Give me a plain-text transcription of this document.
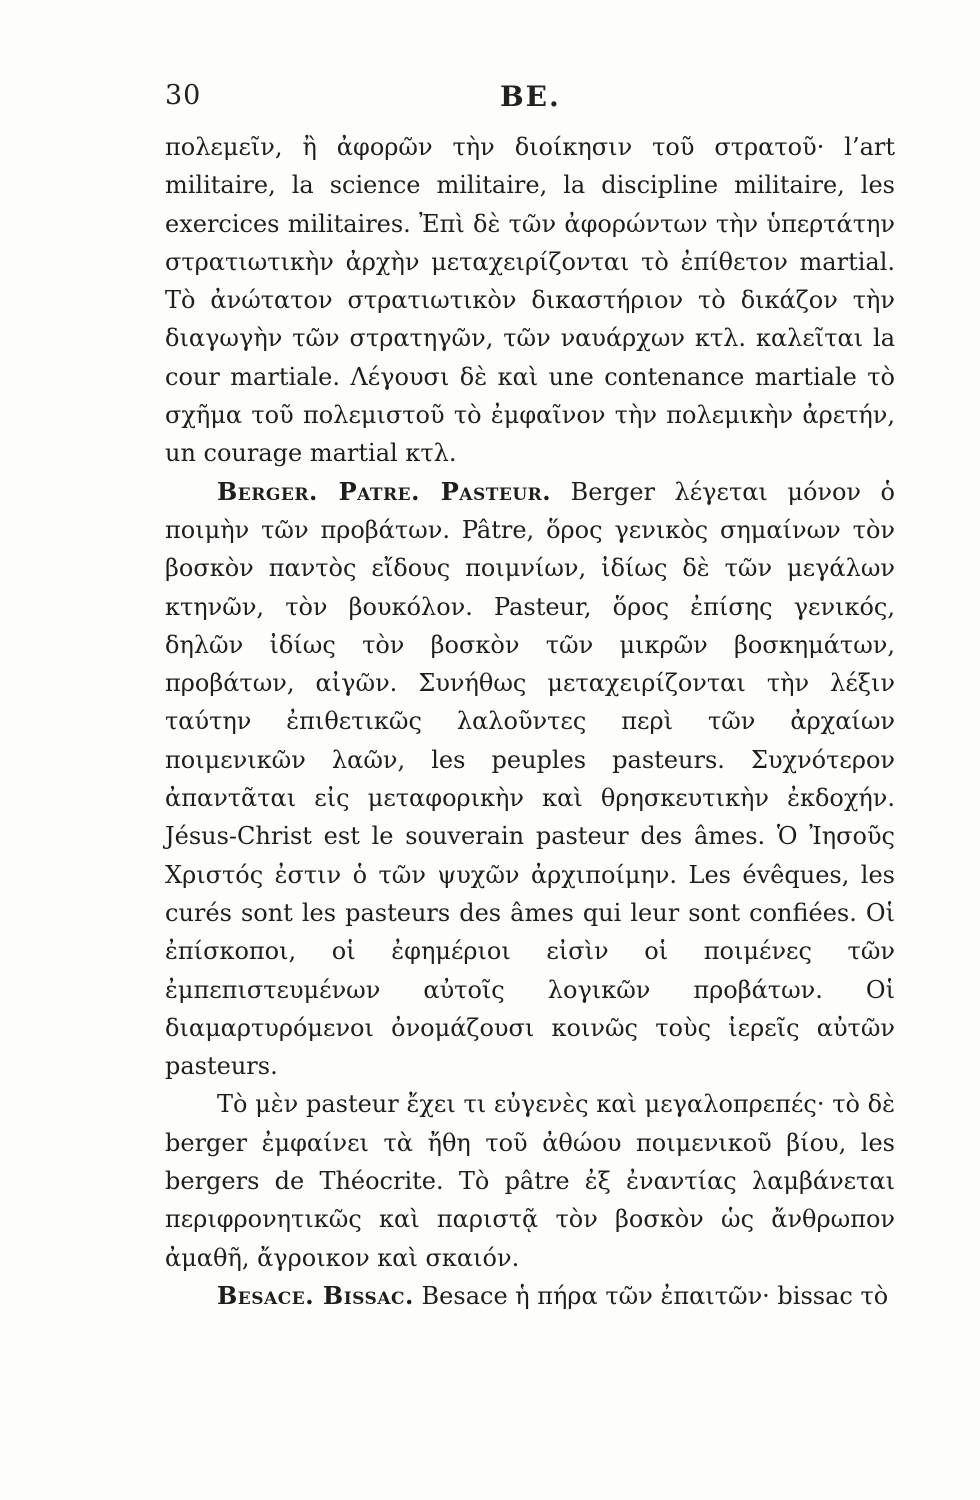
30	BE.

πολεμεῖν, ἢ ἀφορῶν τὴν διοίκησιν τοῦ στρατοῦ· l’art militaire, la science militaire, la discipline militaire, les exercices militaires. Ἐπὶ δὲ τῶν ἀφορώντων τὴν ὑπερτάτην στρατιωτικὴν ἀρχὴν μεταχειρίζονται τὸ ἐπίθετον martial. Τὸ ἀνώτατον στρατιωτικὸν δικαστήριον τὸ δικάζον τὴν διαγωγὴν τῶν στρατηγῶν, τῶν ναυάρχων κτλ. καλεῖται la cour martiale. Λέγουσι δὲ καὶ une contenance martiale τὸ σχῆμα τοῦ πολεμιστοῦ τὸ ἐμφαῖνον τὴν πολεμικὴν ἀρετήν, un courage martial κτλ.

Berger. Patre. Pasteur. Berger λέγεται μόνον ὁ ποιμὴν τῶν προβάτων. Pâtre, ὅρος γενικὸς σημαίνων τὸν βοσκὸν παντὸς εἴδους ποιμνίων, ἰδίως δὲ τῶν μεγάλων κτηνῶν, τὸν βουκόλον. Pasteur, ὅρος ἐπίσης γενικός, δηλῶν ἰδίως τὸν βοσκὸν τῶν μικρῶν βοσκημάτων, προβάτων, αἰγῶν. Συνήθως μεταχειρίζονται τὴν λέξιν ταύτην ἐπιθετικῶς λαλοῦντες περὶ τῶν ἀρχαίων ποιμενικῶν λαῶν, les peuples pasteurs. Συχνότερον ἀπαντᾶται εἰς μεταφορικὴν καὶ θρησκευτικὴν ἐκδοχήν. Jésus-Christ est le souverain pasteur des âmes. Ὁ Ἰησοῦς Χριστός ἐστιν ὁ τῶν ψυχῶν ἀρχιποίμην. Les évêques, les curés sont les pasteurs des âmes qui leur sont confiées. Οἱ ἐπίσκοποι, οἱ ἐφημέριοι εἰσὶν οἱ ποιμένες τῶν ἐμπεπιστευμένων αὐτοῖς λογικῶν προβάτων. Οἱ διαμαρτυρόμενοι ὀνομάζουσι κοινῶς τοὺς ἱερεῖς αὐτῶν pasteurs.

Τὸ μὲν pasteur ἔχει τι εὐγενὲς καὶ μεγαλοπρεπές· τὸ δὲ berger ἐμφαίνει τὰ ἤθη τοῦ ἀθώου ποιμενικοῦ βίου, les bergers de Théocrite. Τὸ pâtre ἐξ ἐναντίας λαμβάνεται περιφρονητικῶς καὶ παριστᾷ τὸν βοσκὸν ὡς ἄνθρωπον ἀμαθῆ, ἄγροικον καὶ σκαιόν.

Besace. Bissac. Besace ἡ πήρα τῶν ἐπαιτῶν· bissac τὸ
